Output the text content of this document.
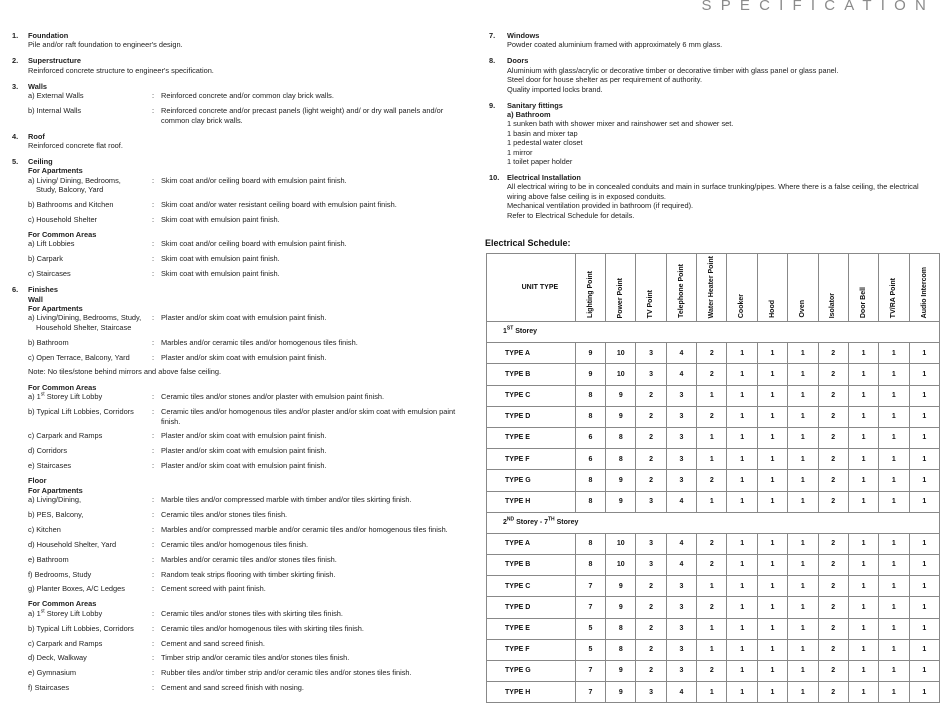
SPECIFICATION
1. Foundation
Pile and/or raft foundation to engineer's design.
2. Superstructure
Reinforced concrete structure to engineer's specification.
3. Walls
a) External Walls	: Reinforced concrete and/or common clay brick walls.
b) Internal Walls	: Reinforced concrete and/or precast panels (light weight) and/ or dry wall panels and/or common clay brick walls.
4. Roof
Reinforced concrete flat roof.
5. Ceiling
For Apartments
a) Living/ Dining, Bedrooms,
Study, Balcony, Yard
: Skim coat and/or ceiling board with emulsion paint finish.
b) Bathrooms and Kitchen	: Skim coat and/or water resistant ceiling board with emulsion paint finish.
c) Household Shelter	: Skim coat with emulsion paint finish.
For Common Areas
a) Lift Lobbies	: Skim coat and/or ceiling board with emulsion paint finish.
b) Carpark	: Skim coat with emulsion paint finish.
c) Staircases	: Skim coat with emulsion paint finish.
6. Finishes
Wall
For Apartments
a) Living/Dining, Bedrooms, Study,
Household Shelter, Staircase
: Plaster and/or skim coat with emulsion paint finish.
b) Bathroom	: Marbles and/or ceramic tiles and/or homogenous tiles finish.
c) Open Terrace, Balcony, Yard	: Plaster and/or skim coat with emulsion paint finish.
Note: No tiles/stone behind mirrors and above false ceiling.
For Common Areas
a) 1st Storey Lift Lobby	: Ceramic tiles and/or stones and/or plaster with emulsion paint finish.
b) Typical Lift Lobbies, Corridors	: Ceramic tiles and/or homogenous tiles and/or plaster and/or skim coat with emulsion paint finish.
c) Carpark and Ramps	: Plaster and/or skim coat with emulsion paint finish.
d) Corridors	: Plaster and/or skim coat with emulsion paint finish.
e) Staircases	: Plaster and/or skim coat with emulsion paint finish.
Floor
For Apartments
a) Living/Dining,	: Marble tiles and/or compressed marble with timber and/or tiles skirting finish.
b) PES, Balcony,	: Ceramic tiles and/or stones tiles finish.
c) Kitchen	: Marbles and/or compressed marble and/or ceramic tiles and/or homogenous tiles finish.
d) Household Shelter, Yard	: Ceramic tiles and/or homogenous tiles finish.
e) Bathroom	: Marbles and/or ceramic tiles and/or stones tiles finish.
f) Bedrooms, Study	: Random teak strips flooring with timber skirting finish.
g) Planter Boxes, A/C Ledges	: Cement screed with paint finish.
For Common Areas
a) 1st Storey Lift Lobby	: Ceramic tiles and/or stones tiles with skirting tiles finish.
b) Typical Lift Lobbies, Corridors	: Ceramic tiles and/or homogenous tiles with skirting tiles finish.
c) Carpark and Ramps	: Cement and sand screed finish.
d) Deck, Walkway	: Timber strip and/or ceramic tiles and/or stones tiles finish.
e) Gymnasium	: Rubber tiles and/or timber strip and/or ceramic tiles and/or stones tiles finish.
f) Staircases	: Cement and sand screed finish with nosing.
7. Windows

Powder coated aluminium framed with approximately 6 mm glass.

8. Doors

Aluminium with glass/acrylic or decorative timber or decorative timber with glass panel or glass panel.

Steel door for house shelter as per requirement of authority.

Quality imported locks brand.

9. Sanitary fittings
a) Bathroom

1 sunken bath with shower mixer and rainshower set and shower set.

1 basin and mixer tap

1 pedestal water closet

1 mirror

1 toilet paper holder

10. Electrical Installation

All electrical wiring to be in concealed conduits and main in surface trunking/pipes. Where there is a false ceiling, the electrical wiring above false ceiling is in exposed conduits.

Mechanical ventilation provided in bathroom (if required).

Refer to Electrical Schedule for details.

Electrical Schedule:
UNIT TYPE	Lighting Point	Power Point	TV Point	Telephone Point	Water Heater Point	Cooker	Hood	Oven	Isolator	Door Bell	TV/RA Point	Audio Intercom

1ST Storey												
TYPE A	9	10	3	4	2	1	1	1	2	1	1	1
TYPE B	9	10	3	4	2	1	1	1	2	1	1	1
TYPE C	8	9	2	3	1	1	1	1	2	1	1	1
TYPE D	8	9	2	3	2	1	1	1	2	1	1	1
TYPE E	6	8	2	3	1	1	1	1	2	1	1	1
TYPE F	6	8	2	3	1	1	1	1	2	1	1	1
TYPE G	8	9	2	3	2	1	1	1	2	1	1	1
TYPE H	8	9	3	4	1	1	1	1	2	1	1	1
2ND Storey - 7TH Storey												
TYPE A	8	10	3	4	2	1	1	1	2	1	1	1
TYPE B	8	10	3	4	2	1	1	1	2	1	1	1
TYPE C	7	9	2	3	1	1	1	1	2	1	1	1
TYPE D	7	9	2	3	2	1	1	1	2	1	1	1
TYPE E	5	8	2	3	1	1	1	1	2	1	1	1
TYPE F	5	8	2	3	1	1	1	1	2	1	1	1
TYPE G	7	9	2	3	2	1	1	1	2	1	1	1
TYPE H	7	9	3	4	1	1	1	1	2	1	1	1
